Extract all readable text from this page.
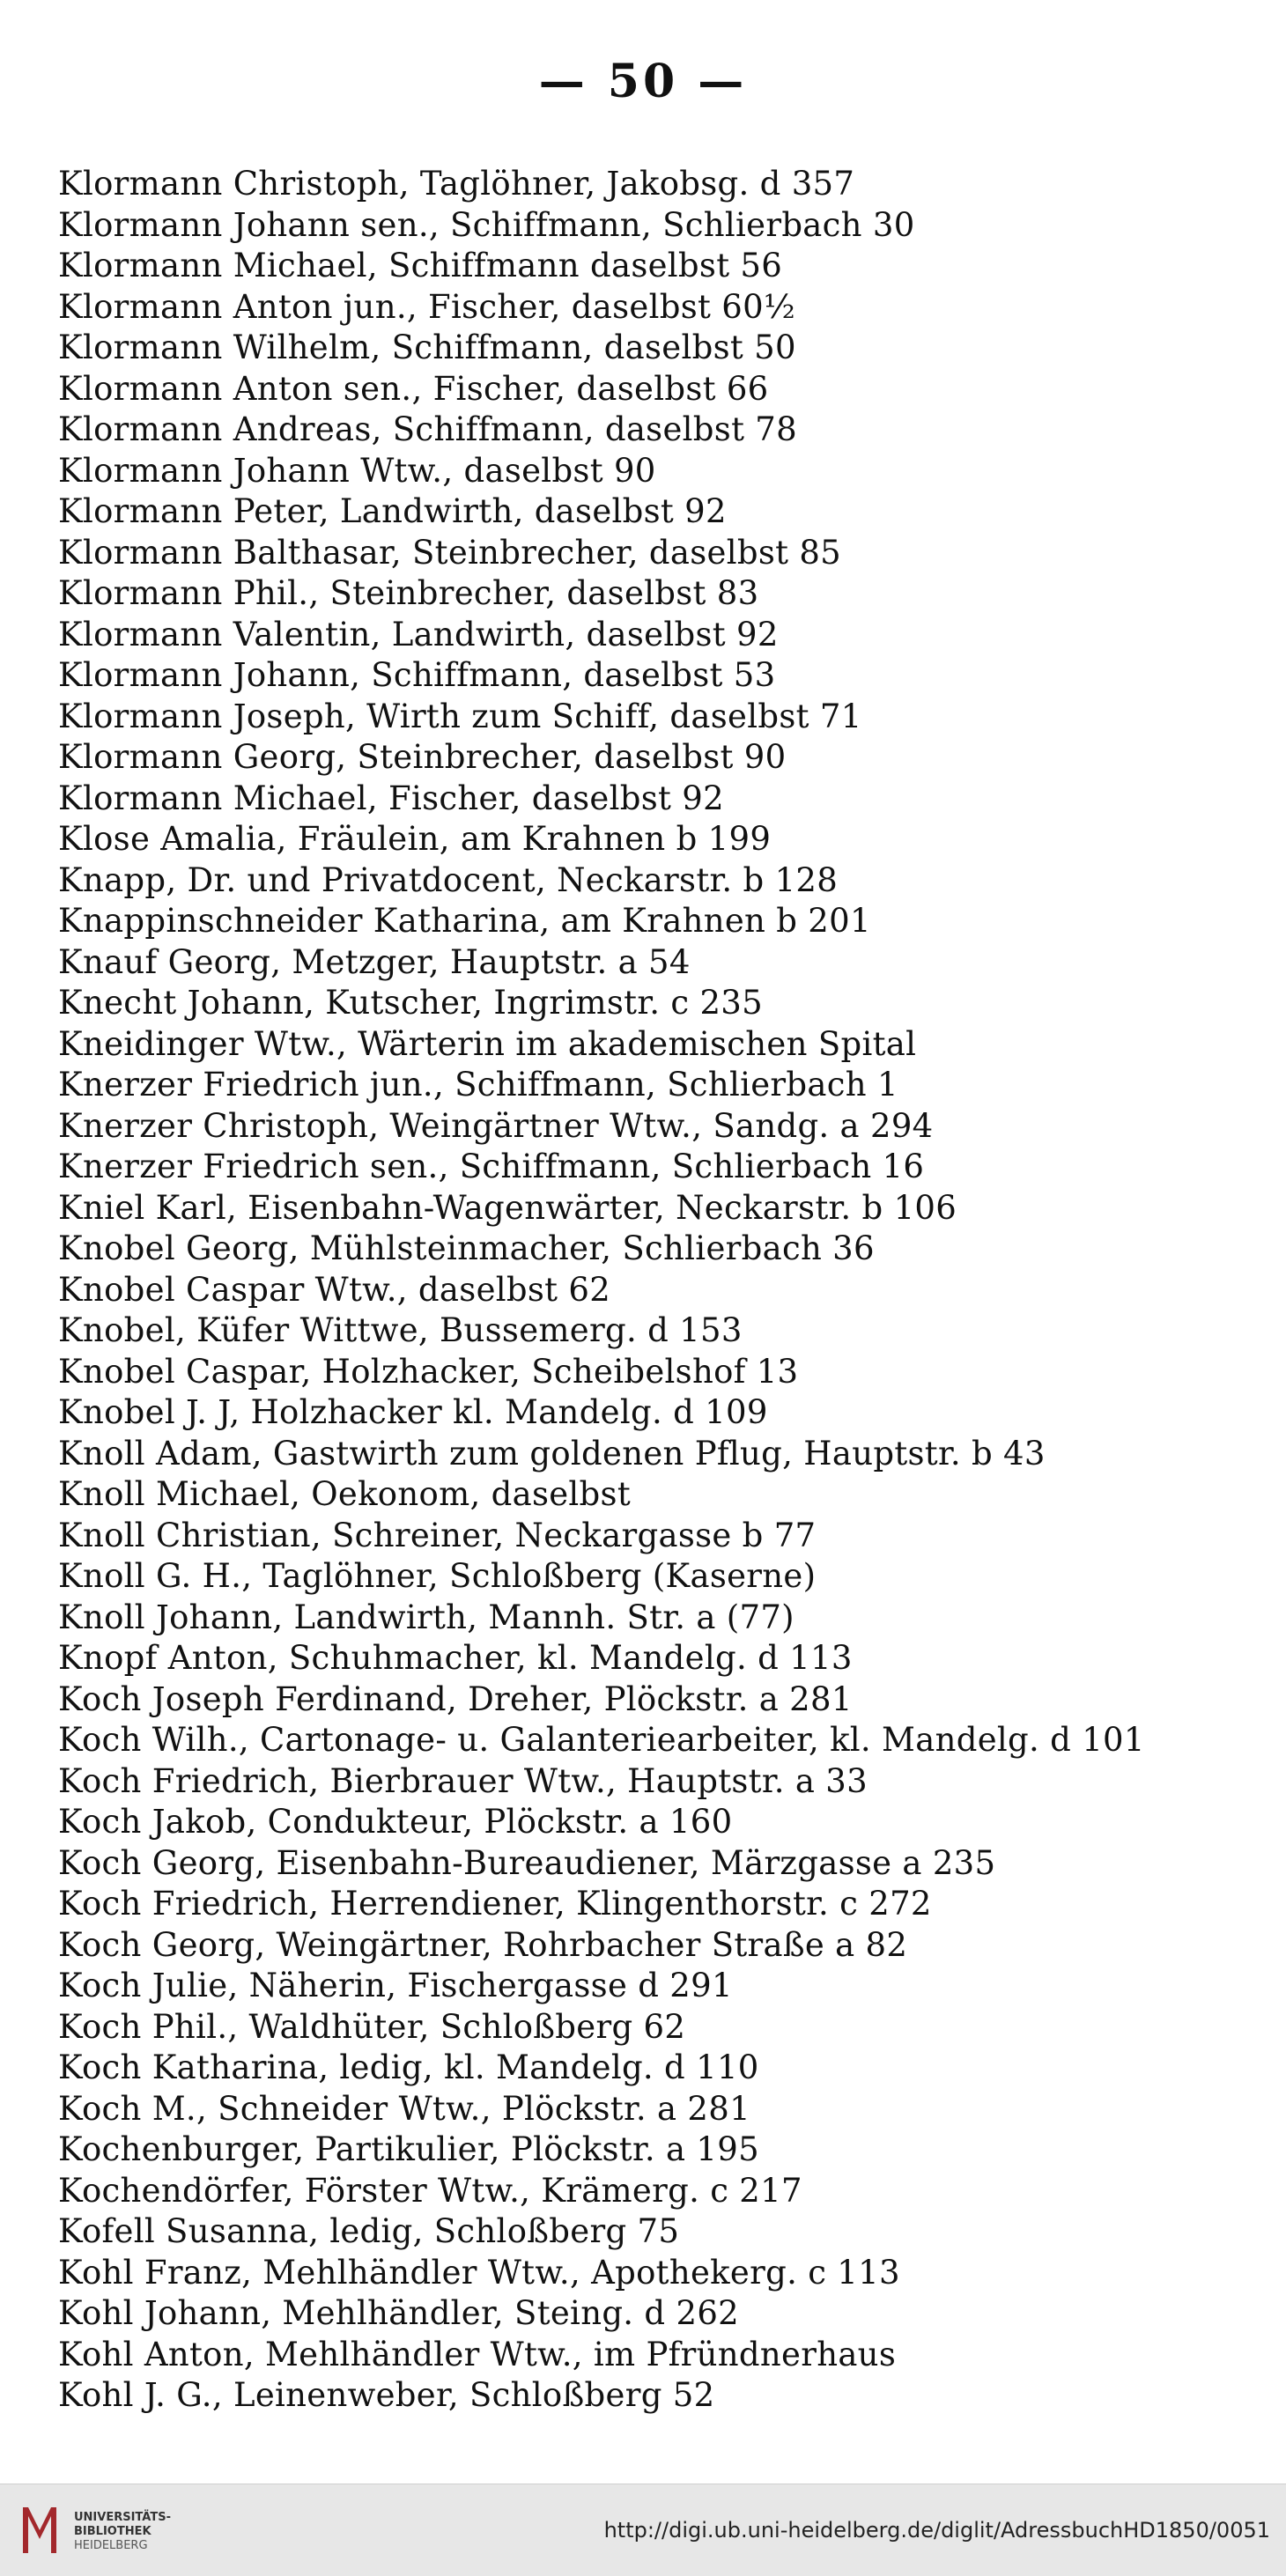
— 50 —
Klormann Christoph, Taglöhner, Jakobsg. d 357
Klormann Johann sen., Schiffmann, Schlierbach 30
Klormann Michael, Schiffmann daselbst 56
Klormann Anton jun., Fischer, daselbst 60½
Klormann Wilhelm, Schiffmann, daselbst 50
Klormann Anton sen., Fischer, daselbst 66
Klormann Andreas, Schiffmann, daselbst 78
Klormann Johann Wtw., daselbst 90
Klormann Peter, Landwirth, daselbst 92
Klormann Balthasar, Steinbrecher, daselbst 85
Klormann Phil., Steinbrecher, daselbst 83
Klormann Valentin, Landwirth, daselbst 92
Klormann Johann, Schiffmann, daselbst 53
Klormann Joseph, Wirth zum Schiff, daselbst 71
Klormann Georg, Steinbrecher, daselbst 90
Klormann Michael, Fischer, daselbst 92
Klose Amalia, Fräulein, am Krahnen b 199
Knapp, Dr. und Privatdocent, Neckarstr. b 128
Knappinschneider Katharina, am Krahnen b 201
Knauf Georg, Metzger, Hauptstr. a 54
Knecht Johann, Kutscher, Ingrimstr. c 235
Kneidinger Wtw., Wärterin im akademischen Spital
Knerzer Friedrich jun., Schiffmann, Schlierbach 1
Knerzer Christoph, Weingärtner Wtw., Sandg. a 294
Knerzer Friedrich sen., Schiffmann, Schlierbach 16
Kniel Karl, Eisenbahn-Wagenwärter, Neckarstr. b 106
Knobel Georg, Mühlsteinmacher, Schlierbach 36
Knobel Caspar Wtw., daselbst 62
Knobel, Küfer Wittwe, Bussemerg. d 153
Knobel Caspar, Holzhacker, Scheibelshof 13
Knobel J. J, Holzhacker kl. Mandelg. d 109
Knoll Adam, Gastwirth zum goldenen Pflug, Hauptstr. b 43
Knoll Michael, Oekonom, daselbst
Knoll Christian, Schreiner, Neckargasse b 77
Knoll G. H., Taglöhner, Schloßberg (Kaserne)
Knoll Johann, Landwirth, Mannh. Str. a (77)
Knopf Anton, Schuhmacher, kl. Mandelg. d 113
Koch Joseph Ferdinand, Dreher, Plöckstr. a 281
Koch Wilh., Cartonage- u. Galanteriearbeiter, kl. Mandelg. d 101
Koch Friedrich, Bierbrauer Wtw., Hauptstr. a 33
Koch Jakob, Condukteur, Plöckstr. a 160
Koch Georg, Eisenbahn-Bureaudiener, Märzgasse a 235
Koch Friedrich, Herrendiener, Klingenthorstr. c 272
Koch Georg, Weingärtner, Rohrbacher Straße a 82
Koch Julie, Näherin, Fischergasse d 291
Koch Phil., Waldhüter, Schloßberg 62
Koch Katharina, ledig, kl. Mandelg. d 110
Koch M., Schneider Wtw., Plöckstr. a 281
Kochenburger, Partikulier, Plöckstr. a 195
Kochendörfer, Förster Wtw., Krämerg. c 217
Kofell Susanna, ledig, Schloßberg 75
Kohl Franz, Mehlhändler Wtw., Apothekerg. c 113
Kohl Johann, Mehlhändler, Steing. d 262
Kohl Anton, Mehlhändler Wtw., im Pfründnerhaus
Kohl J. G., Leinenweber, Schloßberg 52
UNIVERSITÄTS-
BIBLIOTHEK
HEIDELBERG
http://digi.ub.uni-heidelberg.de/diglit/AdressbuchHD1850/0051
